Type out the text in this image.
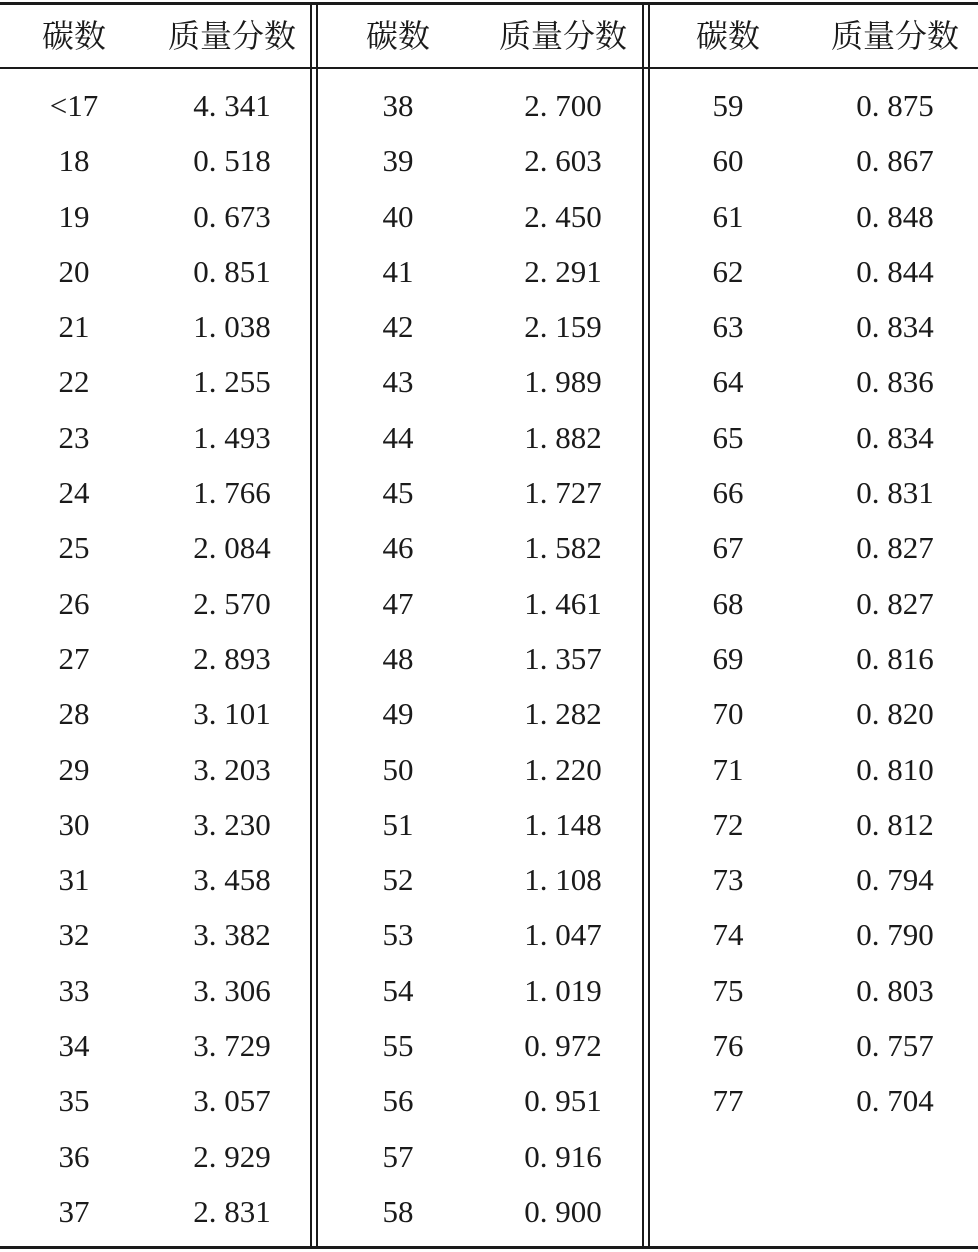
碳数	质量分数	碳数	质量分数	碳数	质量分数
<17	4. 341	38	2. 700	59	0. 875
18	0. 518	39	2. 603	60	0. 867
19	0. 673	40	2. 450	61	0. 848
20	0. 851	41	2. 291	62	0. 844
21	1. 038	42	2. 159	63	0. 834
22	1. 255	43	1. 989	64	0. 836
23	1. 493	44	1. 882	65	0. 834
24	1. 766	45	1. 727	66	0. 831
25	2. 084	46	1. 582	67	0. 827
26	2. 570	47	1. 461	68	0. 827
27	2. 893	48	1. 357	69	0. 816
28	3. 101	49	1. 282	70	0. 820
29	3. 203	50	1. 220	71	0. 810
30	3. 230	51	1. 148	72	0. 812
31	3. 458	52	1. 108	73	0. 794
32	3. 382	53	1. 047	74	0. 790
33	3. 306	54	1. 019	75	0. 803
34	3. 729	55	0. 972	76	0. 757
35	3. 057	56	0. 951	77	0. 704
36	2. 929	57	0. 916
37	2. 831	58	0. 900
